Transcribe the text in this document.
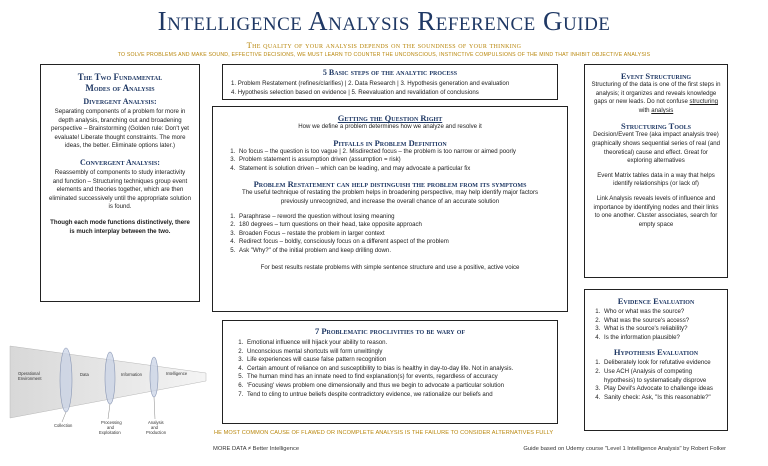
Intelligence Analysis Reference Guide
The quality of your analysis depends on the soundness of your thinking
TO SOLVE PROBLEMS AND MAKE SOUND, EFFECTIVE DECISIONS, WE MUST LEARN TO COUNTER THE UNCONSCIOUS, INSTINCTIVE COMPULSIONS OF THE MIND THAT INHIBIT OBJECTIVE ANALYSIS
The Two Fundamental
Modes of Analysis
Divergent Analysis:
Separating components of a problem for more in depth analysis, branching out and broadening perspective – Brainstorming (Golden rule: Don't yet evaluate! Liberate thought constraints. The more ideas, the better. Eliminate options later.)
Convergent Analysis:
Reassembly of components to study interactivity and function – Structuring techniques group event elements and theories together, which are then eliminated successively until the appropriate solution is found.
Though each mode functions distinctively, there is much interplay between the two.
5 Basic steps of the analytic process
1. Problem Restatement (refines/clarifies) | 2. Data Research | 3. Hypothesis generation and evaluation
4. Hypothesis selection based on evidence | 5. Reevaluation and revalidation of conclusions
Getting the Question Right
How we define a problem determines how we analyze and resolve it
Pitfalls in Problem Definition
1. No focus – the question is too vague | 2. Misdirected focus – the problem is too narrow or aimed poorly
3. Problem statement is assumption driven (assumption = risk)
4. Statement is solution driven – which can be leading, and may advocate a particular fix
Problem Restatement can help distinguish the problem from its symptoms
The useful technique of restating the problem helps in broadening perspective, may help identify major factors previously unrecognized, and increase the overall chance of an accurate solution
1. Paraphrase – reword the question without losing meaning
2. 180 degrees – turn questions on their head, take opposite approach
3. Broaden Focus – restate the problem in larger context
4. Redirect focus – boldly, consciously focus on a different aspect of the problem
5. Ask "Why?" of the initial problem and keep drilling down.
For best results restate problems with simple sentence structure and use a positive, active voice
7 Problematic proclivities to be wary of
1. Emotional influence will hijack your ability to reason.
2. Unconscious mental shortcuts will form unwittingly
3. Life experiences will cause false pattern recognition
4. Certain amount of reliance on and susceptibility to bias is healthy in day-to-day life. Not in analysis.
5. The human mind has an innate need to find explanation(s) for events, regardless of accuracy
6. 'Focusing' views problem one dimensionally and thus we begin to advocate a particular solution
7. Tend to cling to untrue beliefs despite contradictory evidence, we rationalize our beliefs and
HE MOST COMMON CAUSE OF FLAWED OR INCOMPLETE ANALYSIS IS THE FAILURE TO CONSIDER ALTERNATIVES FULLY
Event Structuring
Structuring of the data is one of the first steps in analysis; it organizes and reveals knowledge gaps or new leads. Do not confuse structuring with analysis
Structuring Tools
Decision/Event Tree (aka impact analysis tree) graphically shows sequential series of real (and theoretical) cause and effect. Great for exploring alternatives
Event Matrix tables data in a way that helps identify relationships (or lack of)
Link Analysis reveals levels of influence and importance by identifying nodes and their links to one another. Cluster associates, search for empty space
Evidence Evaluation
1. Who or what was the source?
2. What was the source's access?
3. What is the source's reliability?
4. Is the information plausible?
Hypothesis Evaluation
1. Deliberately look for refutative evidence
2. Use ACH (Analysis of competing hypothesis) to systematically disprove
3. Play Devil's Advocate to challenge ideas
4. Sanity check: Ask, "Is this reasonable?"
Operational
Environment
Data	Information	Intelligence
Collection
Processing
and
Exploitation
Analysis
and
Production
MORE DATA ≠ Better Intelligence	Guide based on Udemy course "Level 1 Intelligence Analysis" by Robert Folker
